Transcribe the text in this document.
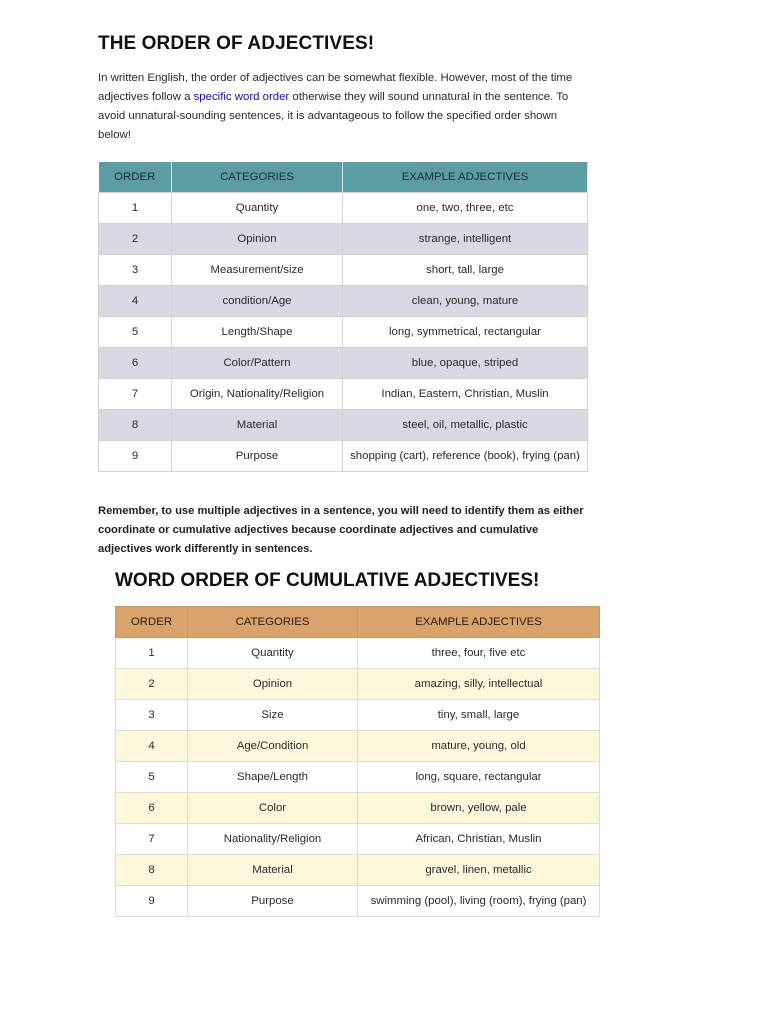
THE ORDER OF ADJECTIVES!

In written English, the order of adjectives can be somewhat flexible. However, most of the time adjectives follow a specific word order otherwise they will sound unnatural in the sentence. To avoid unnatural-sounding sentences, it is advantageous to follow the specified order shown below!

ORDER	CATEGORIES	EXAMPLE ADJECTIVES
1	Quantity	one, two, three, etc
2	Opinion	strange, intelligent
3	Measurement/size	short, tall, large
4	condition/Age	clean, young, mature
5	Length/Shape	long, symmetrical, rectangular
6	Color/Pattern	blue, opaque, striped
7	Origin, Nationality/Religion	Indian, Eastern, Christian, Muslin
8	Material	steel, oil, metallic, plastic
9	Purpose	shopping (cart), reference (book), frying (pan)

Remember, to use multiple adjectives in a sentence, you will need to identify them as either coordinate or cumulative adjectives because coordinate adjectives and cumulative adjectives work differently in sentences.

WORD ORDER OF CUMULATIVE ADJECTIVES!
ORDER	CATEGORIES	EXAMPLE ADJECTIVES
1	Quantity	three, four, five etc
2	Opinion	amazing, silly, intellectual
3	Size	tiny, small, large
4	Age/Condition	mature, young, old
5	Shape/Length	long, square, rectangular
6	Color	brown, yellow, pale
7	Nationality/Religion	African, Christian, Muslin
8	Material	gravel, linen, metallic
9	Purpose	swimming (pool), living (room), frying (pan)
